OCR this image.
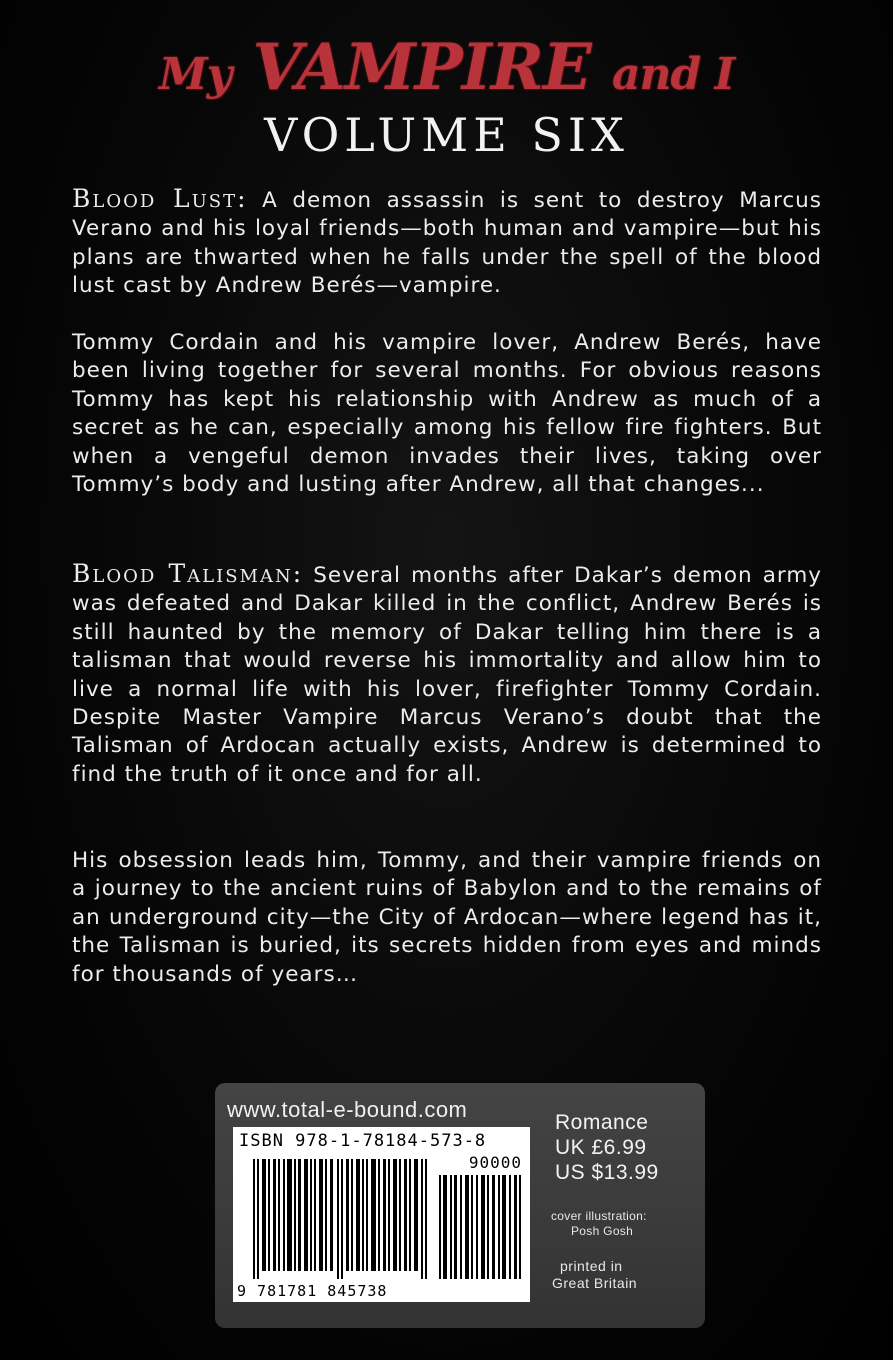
My VAMPIRE and I
VOLUME SIX

Blood Lust: A demon assassin is sent to destroy Marcus Verano and his loyal friends—both human and vampire—but his plans are thwarted when he falls under the spell of the blood lust cast by Andrew Berés—vampire.

Tommy Cordain and his vampire lover, Andrew Berés, have been living together for several months. For obvious reasons Tommy has kept his relationship with Andrew as much of a secret as he can, especially among his fellow fire fighters. But when a vengeful demon invades their lives, taking over Tommy’s body and lusting after Andrew, all that changes...

Blood Talisman: Several months after Dakar’s demon army was defeated and Dakar killed in the conflict, Andrew Berés is still haunted by the memory of Dakar telling him there is a talisman that would reverse his immortality and allow him to live a normal life with his lover, firefighter Tommy Cordain. Despite Master Vampire Marcus Verano’s doubt that the Talisman of Ardocan actually exists, Andrew is determined to find the truth of it once and for all.

His obsession leads him, Tommy, and their vampire friends on a journey to the ancient ruins of Babylon and to the remains of an underground city—the City of Ardocan—where legend has it, the Talisman is buried, its secrets hidden from eyes and minds for thousands of years…

www.total-e-bound.com
ISBN 978-1-78184-573-8
90000
9 781781 845738
Romance
UK £6.99
US $13.99
cover illustration:
Posh Gosh
printed in
Great Britain
